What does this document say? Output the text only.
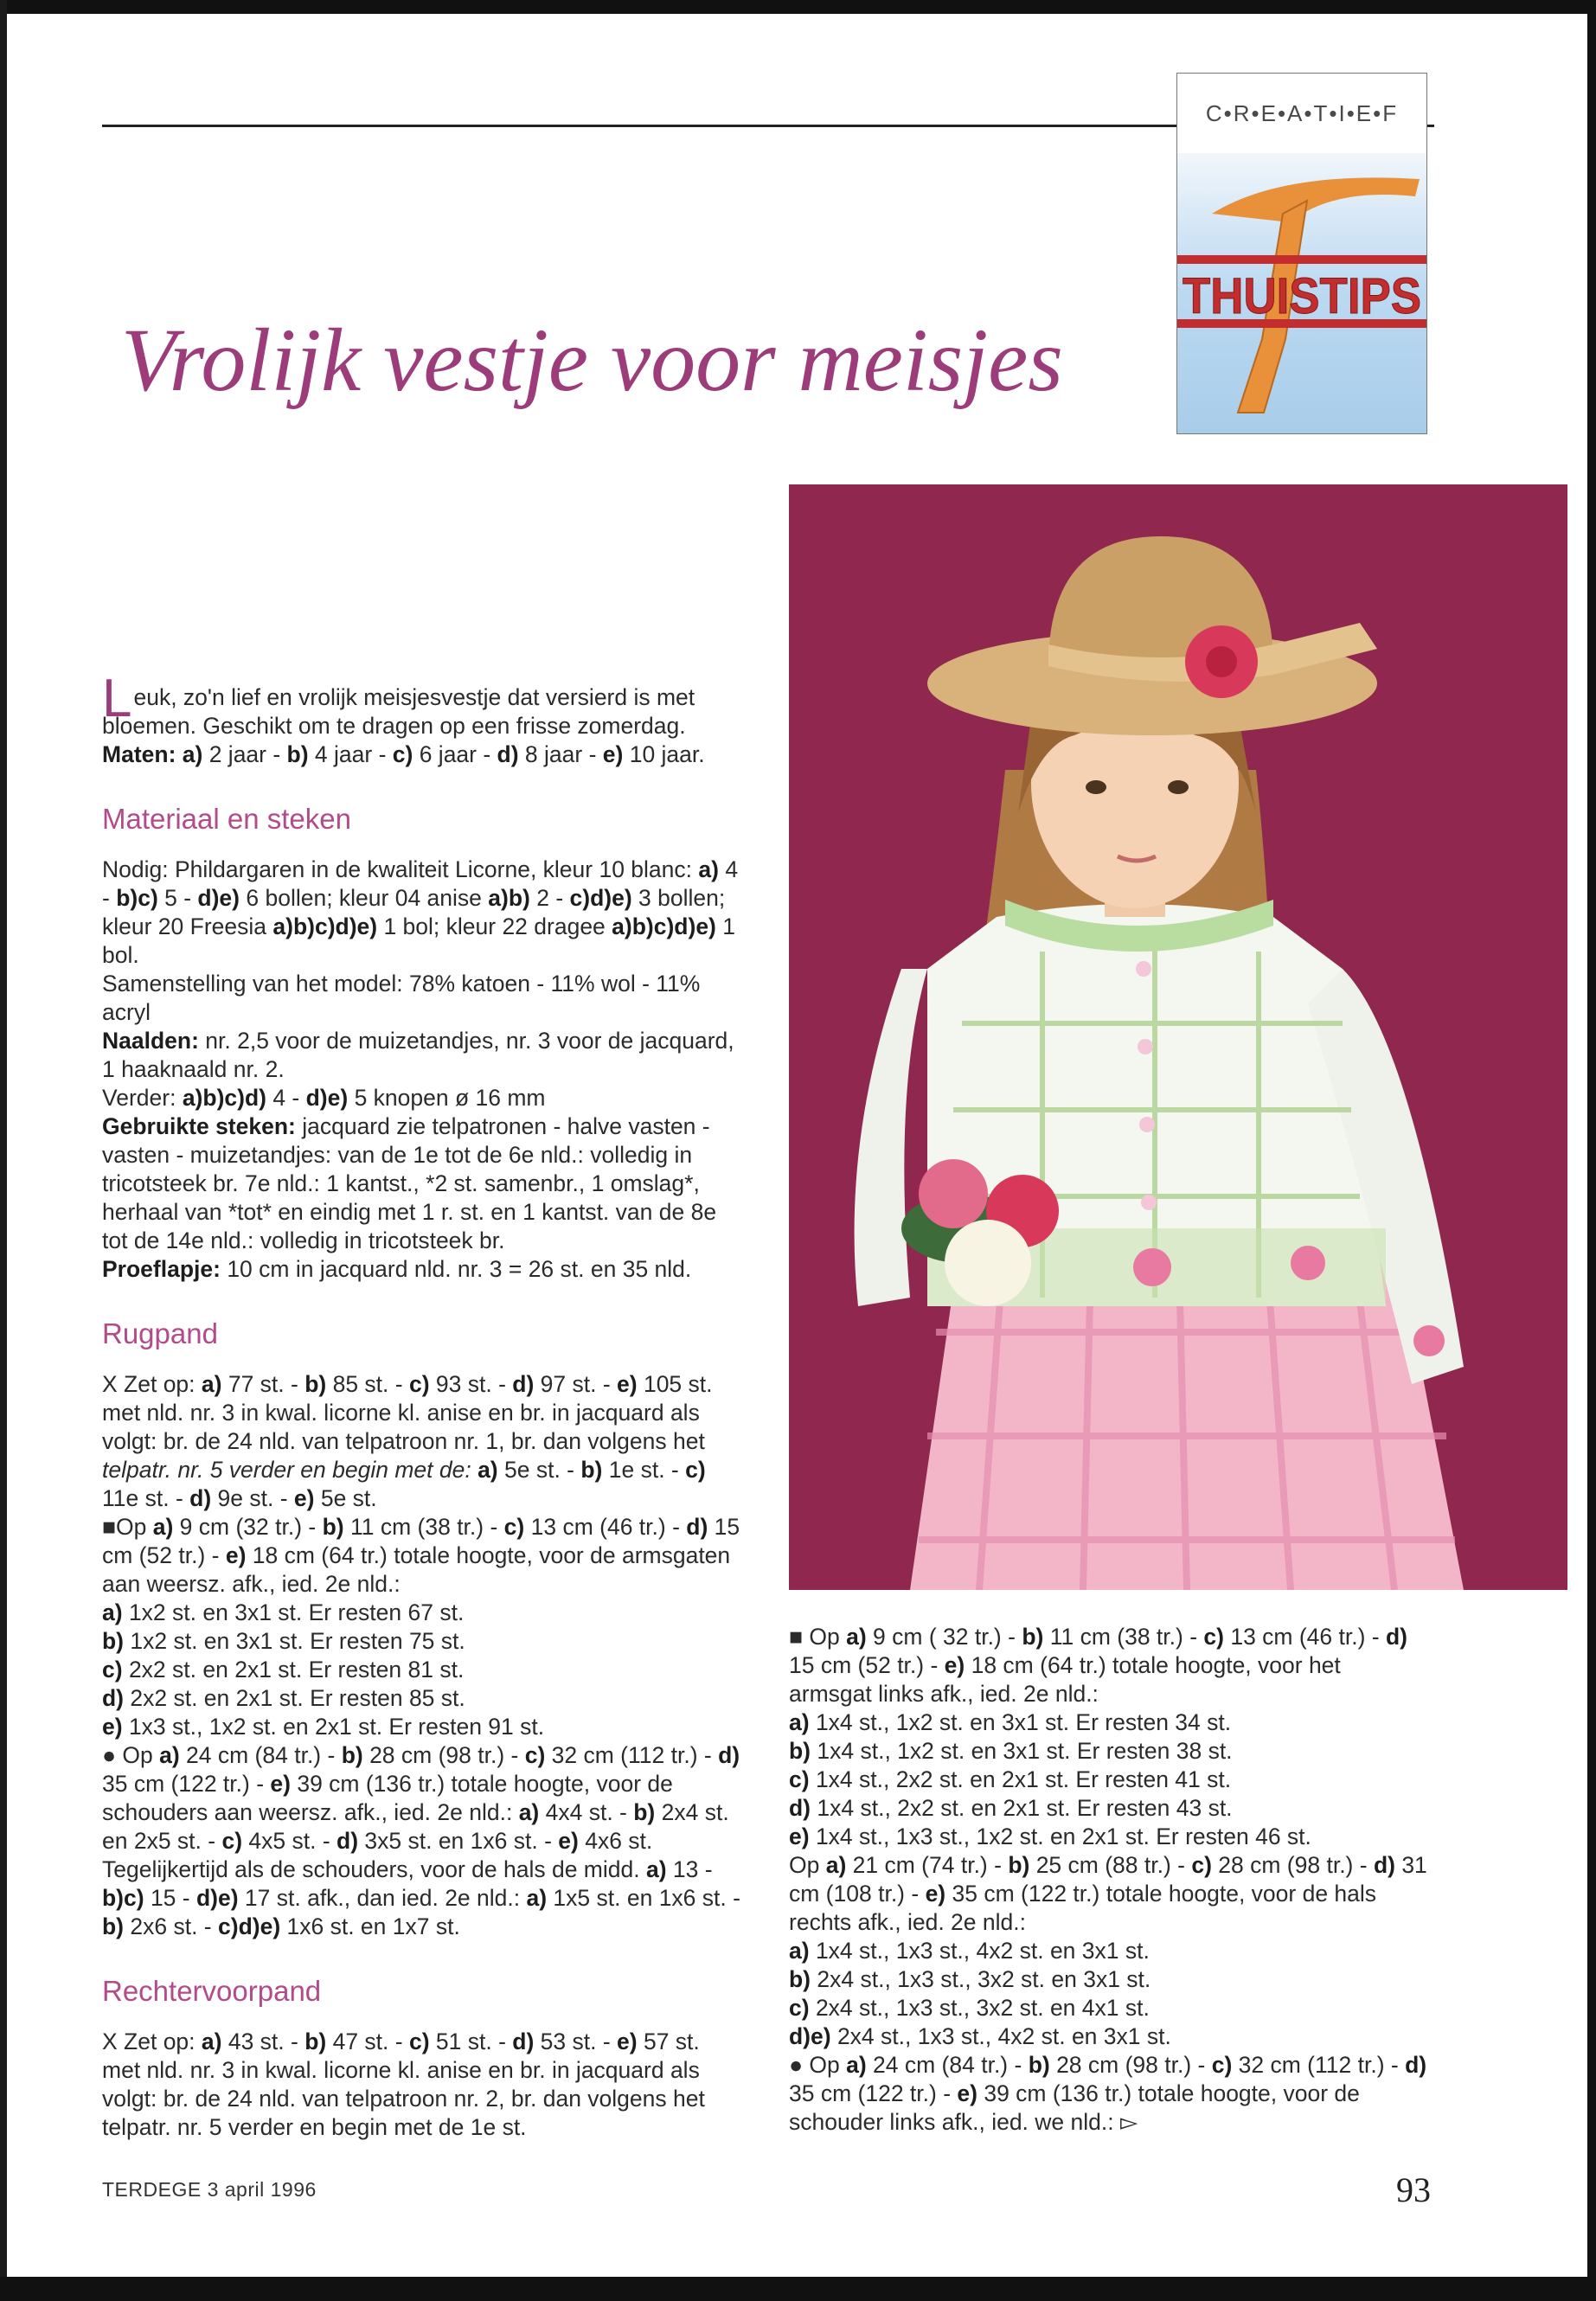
C•R•E•A•T•I•E•F
THUISTIPS
Vrolijk vestje voor meisjes

Leuk, zo'n lief en vrolijk meisjesvestje dat versierd is met
bloemen. Geschikt om te dragen op een frisse zomerdag.
Maten: a) 2 jaar - b) 4 jaar - c) 6 jaar - d) 8 jaar - e) 10 jaar.

Materiaal en steken

Nodig: Phildargaren in de kwaliteit Licorne, kleur 10 blanc: a) 4 - b)c) 5 - d)e) 6 bollen; kleur 04 anise a)b) 2 - c)d)e) 3 bollen; kleur 20 Freesia a)b)c)d)e) 1 bol; kleur 22 dragee a)b)c)d)e) 1 bol.

Samenstelling van het model: 78% katoen - 11% wol - 11% acryl

Naalden: nr. 2,5 voor de muizetandjes, nr. 3 voor de jacquard, 1 haaknaald nr. 2.

Verder: a)b)c)d) 4 - d)e) 5 knopen ø 16 mm

Gebruikte steken: jacquard zie telpatronen - halve vasten - vasten - muizetandjes: van de 1e tot de 6e nld.: volledig in tricotsteek br. 7e nld.: 1 kantst., *2 st. samenbr., 1 omslag*, herhaal van *tot* en eindig met 1 r. st. en 1 kantst. van de 8e tot de 14e nld.: volledig in tricotsteek br.

Proeflapje: 10 cm in jacquard nld. nr. 3 = 26 st. en 35 nld.

Rugpand

X Zet op: a) 77 st. - b) 85 st. - c) 93 st. - d) 97 st. - e) 105 st. met nld. nr. 3 in kwal. licorne kl. anise en br. in jacquard als volgt: br. de 24 nld. van telpatroon nr. 1, br. dan volgens het telpatr. nr. 5 verder en begin met de: a) 5e st. - b) 1e st. - c) 11e st. - d) 9e st. - e) 5e st.

■Op a) 9 cm (32 tr.) - b) 11 cm (38 tr.) - c) 13 cm (46 tr.) - d) 15 cm (52 tr.) - e) 18 cm (64 tr.) totale hoogte, voor de armsgaten aan weersz. afk., ied. 2e nld.:

a) 1x2 st. en 3x1 st. Er resten 67 st.

b) 1x2 st. en 3x1 st. Er resten 75 st.

c) 2x2 st. en 2x1 st. Er resten 81 st.

d) 2x2 st. en 2x1 st. Er resten 85 st.

e) 1x3 st., 1x2 st. en 2x1 st. Er resten 91 st.

● Op a) 24 cm (84 tr.) - b) 28 cm (98 tr.) - c) 32 cm (112 tr.) - d) 35 cm (122 tr.) - e) 39 cm (136 tr.) totale hoogte, voor de schouders aan weersz. afk., ied. 2e nld.: a) 4x4 st. - b) 2x4 st. en 2x5 st. - c) 4x5 st. - d) 3x5 st. en 1x6 st. - e) 4x6 st. Tegelijkertijd als de schouders, voor de hals de midd. a) 13 - b)c) 15 - d)e) 17 st. afk., dan ied. 2e nld.: a) 1x5 st. en 1x6 st. - b) 2x6 st. - c)d)e) 1x6 st. en 1x7 st.

Rechtervoorpand

X Zet op: a) 43 st. - b) 47 st. - c) 51 st. - d) 53 st. - e) 57 st. met nld. nr. 3 in kwal. licorne kl. anise en br. in jacquard als volgt: br. de 24 nld. van telpatroon nr. 2, br. dan volgens het telpatr. nr. 5 verder en begin met de 1e st.

■ Op a) 9 cm ( 32 tr.) - b) 11 cm (38 tr.) - c) 13 cm (46 tr.) - d) 15 cm (52 tr.) - e) 18 cm (64 tr.) totale hoogte, voor het armsgat links afk., ied. 2e nld.:

a) 1x4 st., 1x2 st. en 3x1 st. Er resten 34 st.

b) 1x4 st., 1x2 st. en 3x1 st. Er resten 38 st.

c) 1x4 st., 2x2 st. en 2x1 st. Er resten 41 st.

d) 1x4 st., 2x2 st. en 2x1 st. Er resten 43 st.

e) 1x4 st., 1x3 st., 1x2 st. en 2x1 st. Er resten 46 st.

Op a) 21 cm (74 tr.) - b) 25 cm (88 tr.) - c) 28 cm (98 tr.) - d) 31 cm (108 tr.) - e) 35 cm (122 tr.) totale hoogte, voor de hals rechts afk., ied. 2e nld.:

a) 1x4 st., 1x3 st., 4x2 st. en 3x1 st.

b) 2x4 st., 1x3 st., 3x2 st. en 3x1 st.

c) 2x4 st., 1x3 st., 3x2 st. en 4x1 st.

d)e) 2x4 st., 1x3 st., 4x2 st. en 3x1 st.

● Op a) 24 cm (84 tr.) - b) 28 cm (98 tr.) - c) 32 cm (112 tr.) - d) 35 cm (122 tr.) - e) 39 cm (136 tr.) totale hoogte, voor de schouder links afk., ied. we nld.: ▻

TERDEGE 3 april 1996	93
